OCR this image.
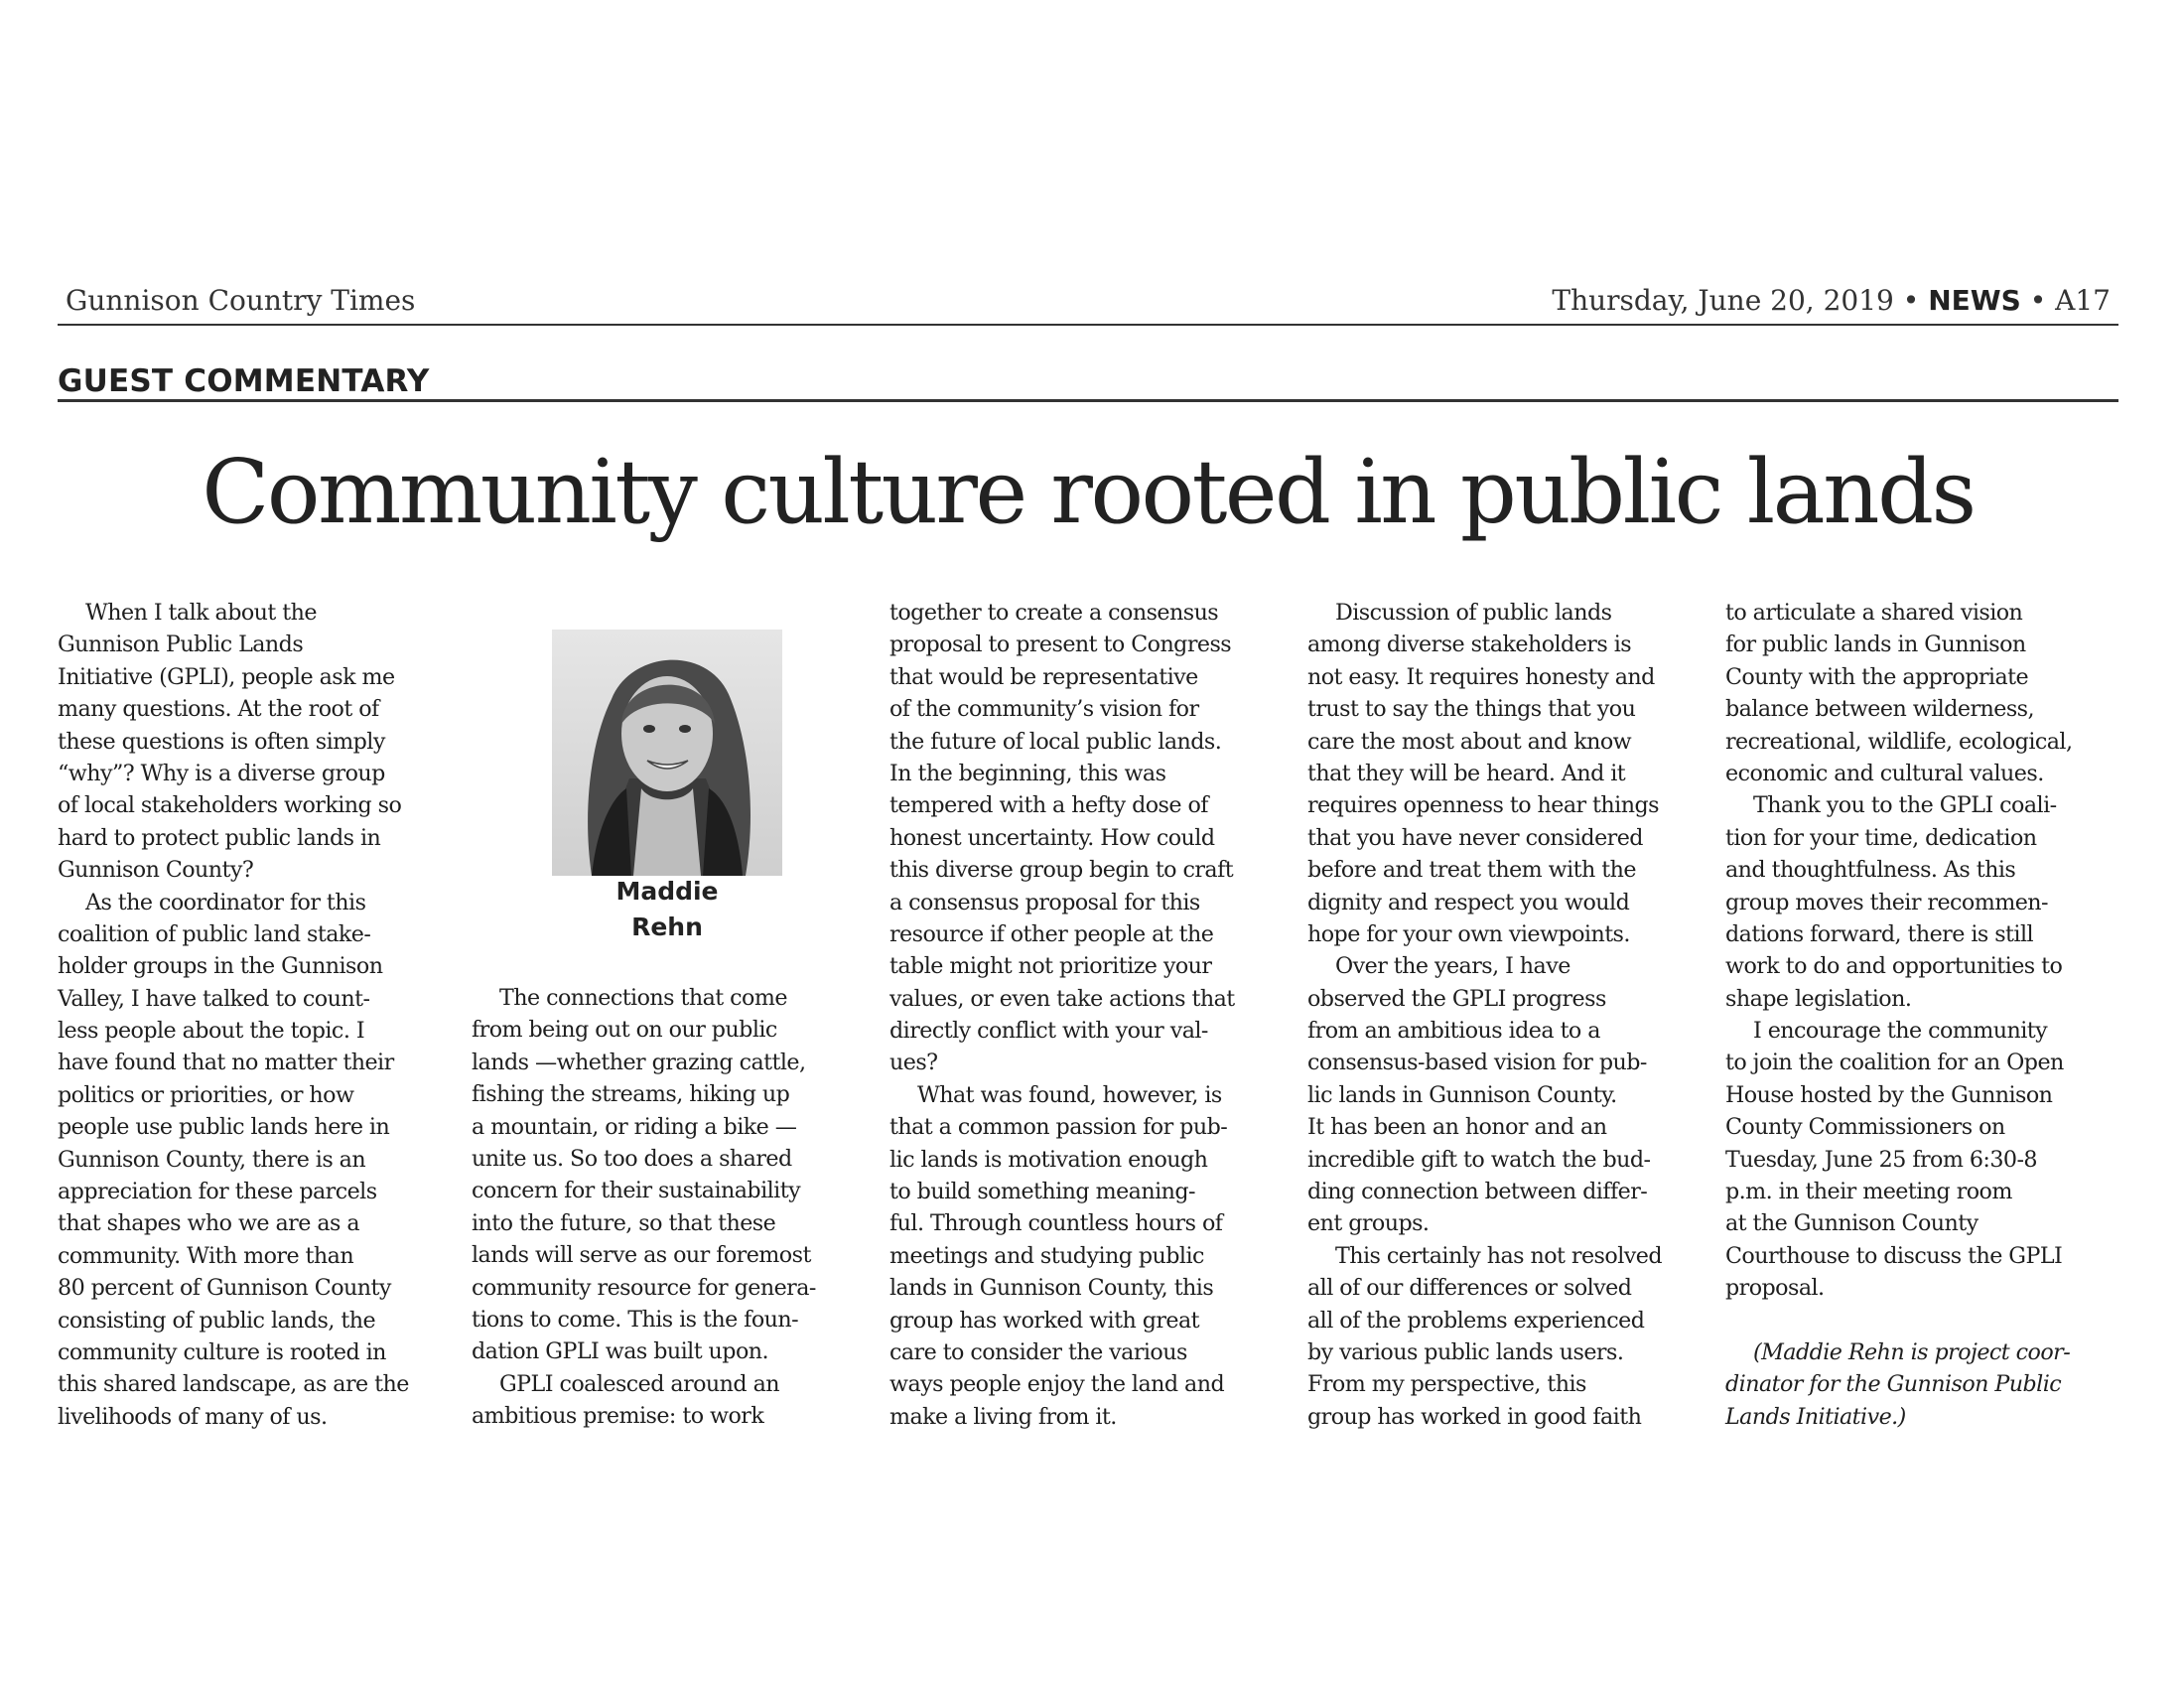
Gunnison Country Times	Thursday, June 20, 2019 • NEWS • A17
GUEST COMMENTARY
Community culture rooted in public lands
Maddie
Rehn
When I talk about the
Gunnison Public Lands
Initiative (GPLI), people ask me
many questions. At the root of
these questions is often simply
“why”? Why is a diverse group
of local stakeholders working so
hard to protect public lands in
Gunnison County?
As the coordinator for this
coalition of public land stake-
holder groups in the Gunnison
Valley, I have talked to count-
less people about the topic. I
have found that no matter their
politics or priorities, or how
people use public lands here in
Gunnison County, there is an
appreciation for these parcels
that shapes who we are as a
community. With more than
80 percent of Gunnison County
consisting of public lands, the
community culture is rooted in
this shared landscape, as are the
livelihoods of many of us.
The connections that come
from being out on our public
lands —whether grazing cattle,
fishing the streams, hiking up
a mountain, or riding a bike —
unite us. So too does a shared
concern for their sustainability
into the future, so that these
lands will serve as our foremost
community resource for genera-
tions to come. This is the foun-
dation GPLI was built upon.
GPLI coalesced around an
ambitious premise: to work
together to create a consensus
proposal to present to Congress
that would be representative
of the community’s vision for
the future of local public lands.
In the beginning, this was
tempered with a hefty dose of
honest uncertainty. How could
this diverse group begin to craft
a consensus proposal for this
resource if other people at the
table might not prioritize your
values, or even take actions that
directly conflict with your val-
ues?
What was found, however, is
that a common passion for pub-
lic lands is motivation enough
to build something meaning-
ful. Through countless hours of
meetings and studying public
lands in Gunnison County, this
group has worked with great
care to consider the various
ways people enjoy the land and
make a living from it.
Discussion of public lands
among diverse stakeholders is
not easy. It requires honesty and
trust to say the things that you
care the most about and know
that they will be heard. And it
requires openness to hear things
that you have never considered
before and treat them with the
dignity and respect you would
hope for your own viewpoints.
Over the years, I have
observed the GPLI progress
from an ambitious idea to a
consensus-based vision for pub-
lic lands in Gunnison County.
It has been an honor and an
incredible gift to watch the bud-
ding connection between differ-
ent groups.
This certainly has not resolved
all of our differences or solved
all of the problems experienced
by various public lands users.
From my perspective, this
group has worked in good faith
to articulate a shared vision
for public lands in Gunnison
County with the appropriate
balance between wilderness,
recreational, wildlife, ecological,
economic and cultural values.
Thank you to the GPLI coali-
tion for your time, dedication
and thoughtfulness. As this
group moves their recommen-
dations forward, there is still
work to do and opportunities to
shape legislation.
I encourage the community
to join the coalition for an Open
House hosted by the Gunnison
County Commissioners on
Tuesday, June 25 from 6:30-8
p.m. in their meeting room
at the Gunnison County
Courthouse to discuss the GPLI
proposal.
(Maddie Rehn is project coor-
dinator for the Gunnison Public
Lands Initiative.)
